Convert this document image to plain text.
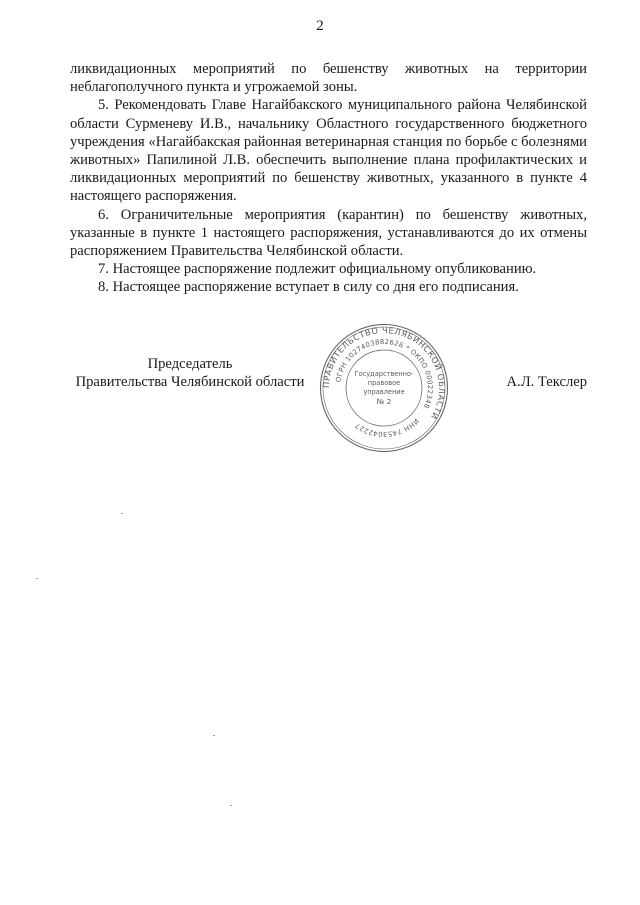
2

ликвидационных мероприятий по бешенству животных на территории неблагополучного пункта и угрожаемой зоны.

5. Рекомендовать Главе Нагайбакского муниципального района Челябинской области Сурменеву И.В., начальнику Областного государственного бюджетного учреждения «Нагайбакская районная ветеринарная станция по борьбе с болезнями животных» Папилиной Л.В. обеспечить выполнение плана профилактических и ликвидационных мероприятий по бешенству животных, указанного в пункте 4 настоящего распоряжения.

6. Ограничительные мероприятия (карантин) по бешенству животных, указанные в пункте 1 настоящего распоряжения, устанавливаются до их отмены распоряжением Правительства Челябинской области.

7. Настоящее распоряжение подлежит официальному опубликованию.

8. Настоящее распоряжение вступает в силу со дня его подписания.

Председатель
Правительства Челябинской области	А.Л. Текслер
ПРАВИТЕЛЬСТВО ЧЕЛЯБИНСКОЙ ОБЛАСТИ
ОГРН 1027403882626 * ОКПО 00022348
ИНН 7453042227
Государственно-
правовое
управление
№ 2
